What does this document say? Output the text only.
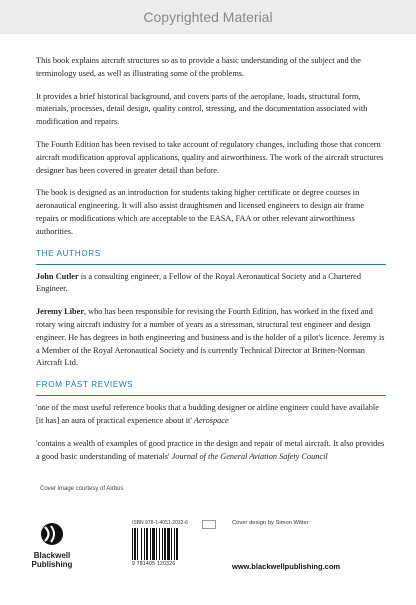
Copyrighted Material

This book explains aircraft structures so as to provide a basic understanding of the subject and the terminology used, as well as illustrating some of the problems.

It provides a brief historical background, and covers parts of the aeroplane, loads, structural form, materials, processes, detail design, quality control, stressing, and the documentation associated with modification and repairs.

The Fourth Edition has been revised to take account of regulatory changes, including those that concern aircraft modification approval applications, quality and airworthiness. The work of the aircraft structures designer has been covered in greater detail than before.

The book is designed as an introduction for students taking higher certificate or degree courses in aeronautical engineering. It will also assist draughtsmen and licensed engineers to design air frame repairs or modifications which are acceptable to the EASA, FAA or other relevant airworthiness authorities.

THE AUTHORS

John Cutler is a consulting engineer, a Fellow of the Royal Aeronautical Society and a Chartered Engineer.

Jeremy Liber, who has been responsible for revising the Fourth Edition, has worked in the fixed and rotary wing aircraft industry for a number of years as a stressman, structural test engineer and design engineer. He has degrees in both engineering and business and is the holder of a pilot's licence. Jeremy is a Member of the Royal Aeronautical Society and is currently Technical Director at Britten-Norman Aircraft Ltd.

FROM PAST REVIEWS

'one of the most useful reference books that a budding designer or airline engineer could have available [it has] an aura of practical experience about it' Aerospace

'contains a wealth of examples of good practice in the design and repair of metal aircraft. It also provides a good basic understanding of materials' Journal of the General Aviation Safety Council

Cover image courtesy of Airbus
Blackwell
Publishing
ISBN 978-1-4051-2032-6
9 781405 120326
Cover design by Simon Witter
www.blackwellpublishing.com
